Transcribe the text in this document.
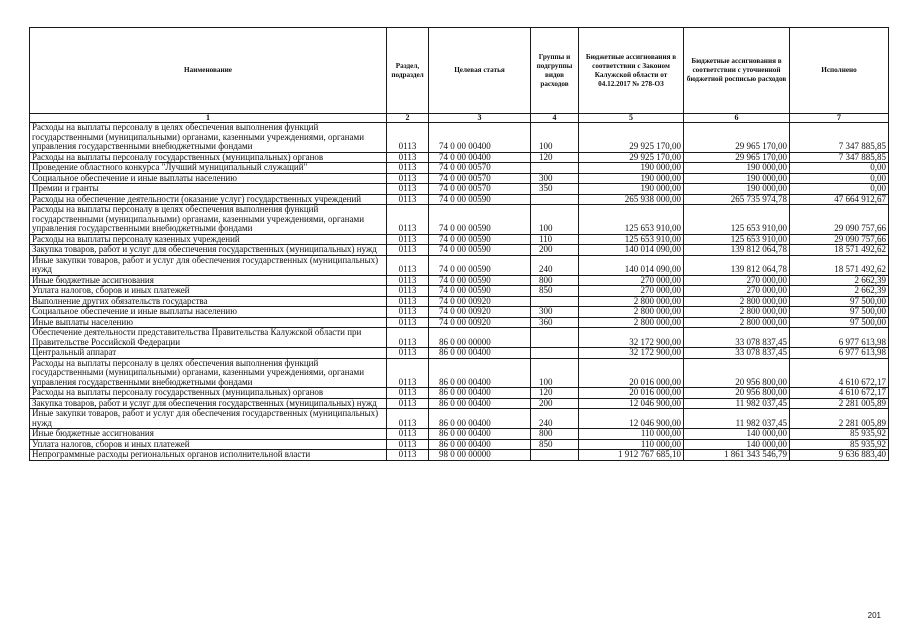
Наименование	Раздел, подраздел	Целевая статья	Группы и подгруппы видов расходов	Бюджетные ассигнования в соответствии с Законом Калужской области от 04.12.2017 № 278-ОЗ	Бюджетные ассигнования в соответствии с уточненной бюджетной росписью расходов	Исполнено
1	2	3	4	5	6	7
Расходы на выплаты персоналу в целях обеспечения выполнения функций государственными (муниципальными) органами, казенными учреждениями, органами управления государственными внебюджетными фондами	0113	74 0 00 00400	100	29 925 170,00	29 965 170,00	7 347 885,85
Расходы на выплаты персоналу государственных (муниципальных) органов	0113	74 0 00 00400	120	29 925 170,00	29 965 170,00	7 347 885,85
Проведение областного конкурса "Лучший муниципальный служащий"	0113	74 0 00 00570		190 000,00	190 000,00	0,00
Социальное обеспечение и иные выплаты населению	0113	74 0 00 00570	300	190 000,00	190 000,00	0,00
Премии и гранты	0113	74 0 00 00570	350	190 000,00	190 000,00	0,00
Расходы на обеспечение деятельности (оказание услуг) государственных учреждений	0113	74 0 00 00590		265 938 000,00	265 735 974,78	47 664 912,67
Расходы на выплаты персоналу в целях обеспечения выполнения функций государственными (муниципальными) органами, казенными учреждениями, органами управления государственными внебюджетными фондами	0113	74 0 00 00590	100	125 653 910,00	125 653 910,00	29 090 757,66
Расходы на выплаты персоналу казенных учреждений	0113	74 0 00 00590	110	125 653 910,00	125 653 910,00	29 090 757,66
Закупка товаров, работ и услуг для обеспечения государственных (муниципальных) нужд	0113	74 0 00 00590	200	140 014 090,00	139 812 064,78	18 571 492,62
Иные закупки товаров, работ и услуг для обеспечения государственных (муниципальных) нужд	0113	74 0 00 00590	240	140 014 090,00	139 812 064,78	18 571 492,62
Иные бюджетные ассигнования	0113	74 0 00 00590	800	270 000,00	270 000,00	2 662,39
Уплата налогов, сборов и иных платежей	0113	74 0 00 00590	850	270 000,00	270 000,00	2 662,39
Выполнение других обязательств государства	0113	74 0 00 00920		2 800 000,00	2 800 000,00	97 500,00
Социальное обеспечение и иные выплаты населению	0113	74 0 00 00920	300	2 800 000,00	2 800 000,00	97 500,00
Иные выплаты населению	0113	74 0 00 00920	360	2 800 000,00	2 800 000,00	97 500,00
Обеспечение деятельности представительства Правительства Калужской области при Правительстве Российской Федерации	0113	86 0 00 00000		32 172 900,00	33 078 837,45	6 977 613,98
Центральный аппарат	0113	86 0 00 00400		32 172 900,00	33 078 837,45	6 977 613,98
Расходы на выплаты персоналу в целях обеспечения выполнения функций государственными (муниципальными) органами, казенными учреждениями, органами управления государственными внебюджетными фондами	0113	86 0 00 00400	100	20 016 000,00	20 956 800,00	4 610 672,17
Расходы на выплаты персоналу государственных (муниципальных) органов	0113	86 0 00 00400	120	20 016 000,00	20 956 800,00	4 610 672,17
Закупка товаров, работ и услуг для обеспечения государственных (муниципальных) нужд	0113	86 0 00 00400	200	12 046 900,00	11 982 037,45	2 281 005,89
Иные закупки товаров, работ и услуг для обеспечения государственных (муниципальных) нужд	0113	86 0 00 00400	240	12 046 900,00	11 982 037,45	2 281 005,89
Иные бюджетные ассигнования	0113	86 0 00 00400	800	110 000,00	140 000,00	85 935,92
Уплата налогов, сборов и иных платежей	0113	86 0 00 00400	850	110 000,00	140 000,00	85 935,92
Непрограммные расходы региональных органов исполнительной власти	0113	98 0 00 00000		1 912 767 685,10	1 861 343 546,79	9 636 883,40
201
